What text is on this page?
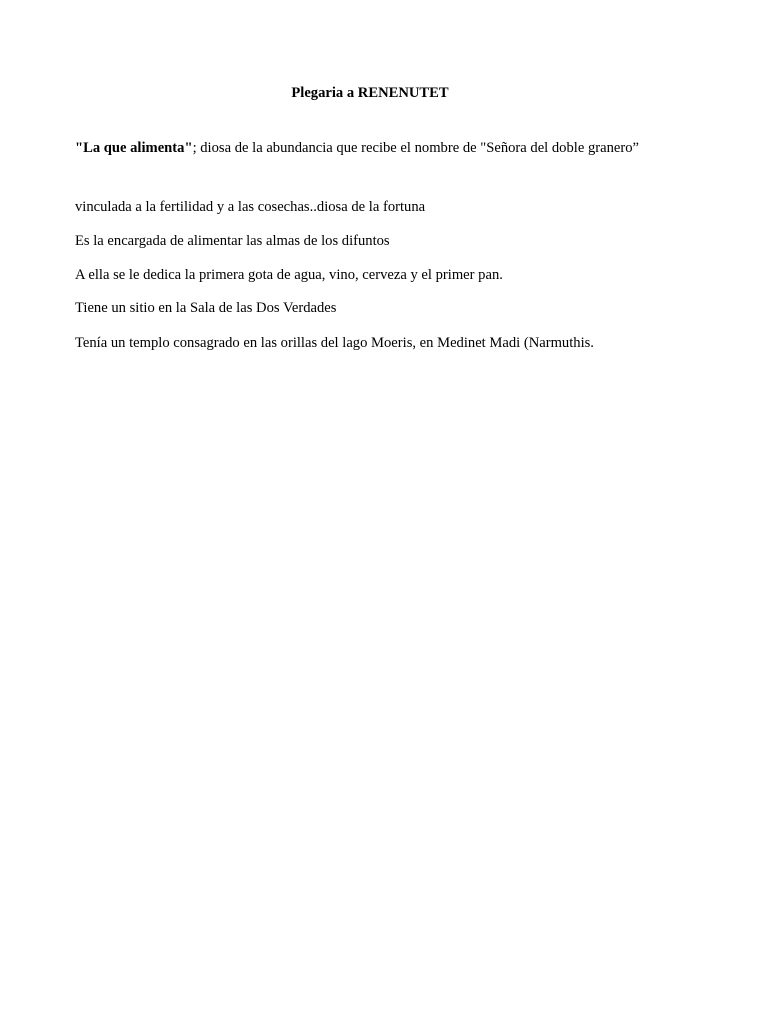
Plegaria a RENENUTET
"La que alimenta"; diosa de la abundancia que recibe el nombre de "Señora del doble granero”
vinculada a la fertilidad y a las cosechas..diosa de la fortuna
Es la encargada de alimentar las almas de los difuntos
A ella se le dedica la primera gota de agua, vino, cerveza y el primer pan.
Tiene un sitio en la Sala de las Dos Verdades
Tenía un templo consagrado en las orillas del lago Moeris, en Medinet Madi (Narmuthis.
